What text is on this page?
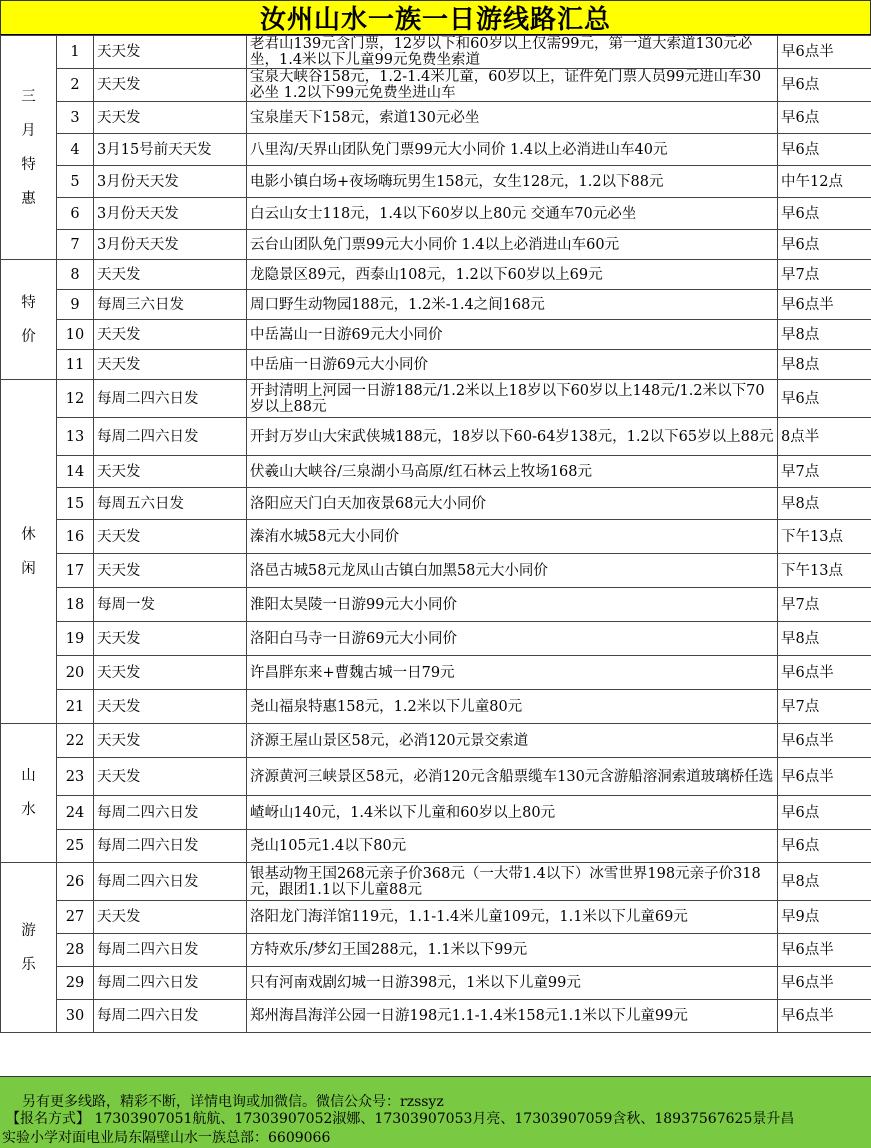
汝州山水一族一日游线路汇总
三月特惠	1	天天发	老君山139元含门票，12岁以下和60岁以上仅需99元，第一道大索道130元必坐，1.4米以下儿童99元免费坐索道	早6点半
	2	天天发	宝泉大峡谷158元，1.2-1.4米儿童，60岁以上，证件免门票人员99元进山车30必坐 1.2以下99元免费坐进山车	早6点
	3	天天发	宝泉崖天下158元，索道130元必坐	早6点
	4	3月15号前天天发	八里沟/天界山团队免门票99元大小同价 1.4以上必消进山车40元	早6点
	5	3月份天天发	电影小镇白场+夜场嗨玩男生158元，女生128元，1.2以下88元	中午12点
	6	3月份天天发	白云山女士118元，1.4以下60岁以上80元 交通车70元必坐	早6点
	7	3月份天天发	云台山团队免门票99元大小同价 1.4以上必消进山车60元	早6点
特价	8	天天发	龙隐景区89元，西泰山108元，1.2以下60岁以上69元	早7点
	9	每周三六日发	周口野生动物园188元，1.2米-1.4之间168元	早6点半
	10	天天发	中岳嵩山一日游69元大小同价	早8点
	11	天天发	中岳庙一日游69元大小同价	早8点
休闲	12	每周二四六日发	开封清明上河园一日游188元/1.2米以上18岁以下60岁以上148元/1.2米以下70岁以上88元	早6点
	13	每周二四六日发	开封万岁山大宋武侠城188元，18岁以下60-64岁138元，1.2以下65岁以上88元	8点半
	14	天天发	伏羲山大峡谷/三泉湖小马高原/红石林云上牧场168元	早7点
	15	每周五六日发	洛阳应天门白天加夜景68元大小同价	早8点
	16	天天发	溱洧水城58元大小同价	下午13点
	17	天天发	洛邑古城58元龙凤山古镇白加黑58元大小同价	下午13点
	18	每周一发	淮阳太昊陵一日游99元大小同价	早7点
	19	天天发	洛阳白马寺一日游69元大小同价	早8点
	20	天天发	许昌胖东来+曹魏古城一日79元	早6点半
	21	天天发	尧山福泉特惠158元，1.2米以下儿童80元	早7点
山水	22	天天发	济源王屋山景区58元，必消120元景交索道	早6点半
	23	天天发	济源黄河三峡景区58元，必消120元含船票缆车130元含游船溶洞索道玻璃桥任选	早6点半
	24	每周二四六日发	嵖岈山140元，1.4米以下儿童和60岁以上80元	早6点
	25	每周二四六日发	尧山105元1.4以下80元	早6点
游乐	26	每周二四六日发	银基动物王国268元亲子价368元（一大带1.4以下）冰雪世界198元亲子价318元，跟团1.1以下儿童88元	早8点
	27	天天发	洛阳龙门海洋馆119元，1.1-1.4米儿童109元，1.1米以下儿童69元	早9点
	28	每周二四六日发	方特欢乐/梦幻王国288元，1.1米以下99元	早6点半
	29	每周二四六日发	只有河南戏剧幻城一日游398元，1米以下儿童99元	早6点半
	30	每周二四六日发	郑州海昌海洋公园一日游198元1.1-1.4米158元1.1米以下儿童99元	早6点半
另有更多线路，精彩不断，详情电询或加微信。微信公众号：rzssyz
【报名方式】 17303907051航航、17303907052淑娜、17303907053月亮、17303907059含秋、18937567625景升昌
实验小学对面电业局东隔壁山水一族总部：6609066
